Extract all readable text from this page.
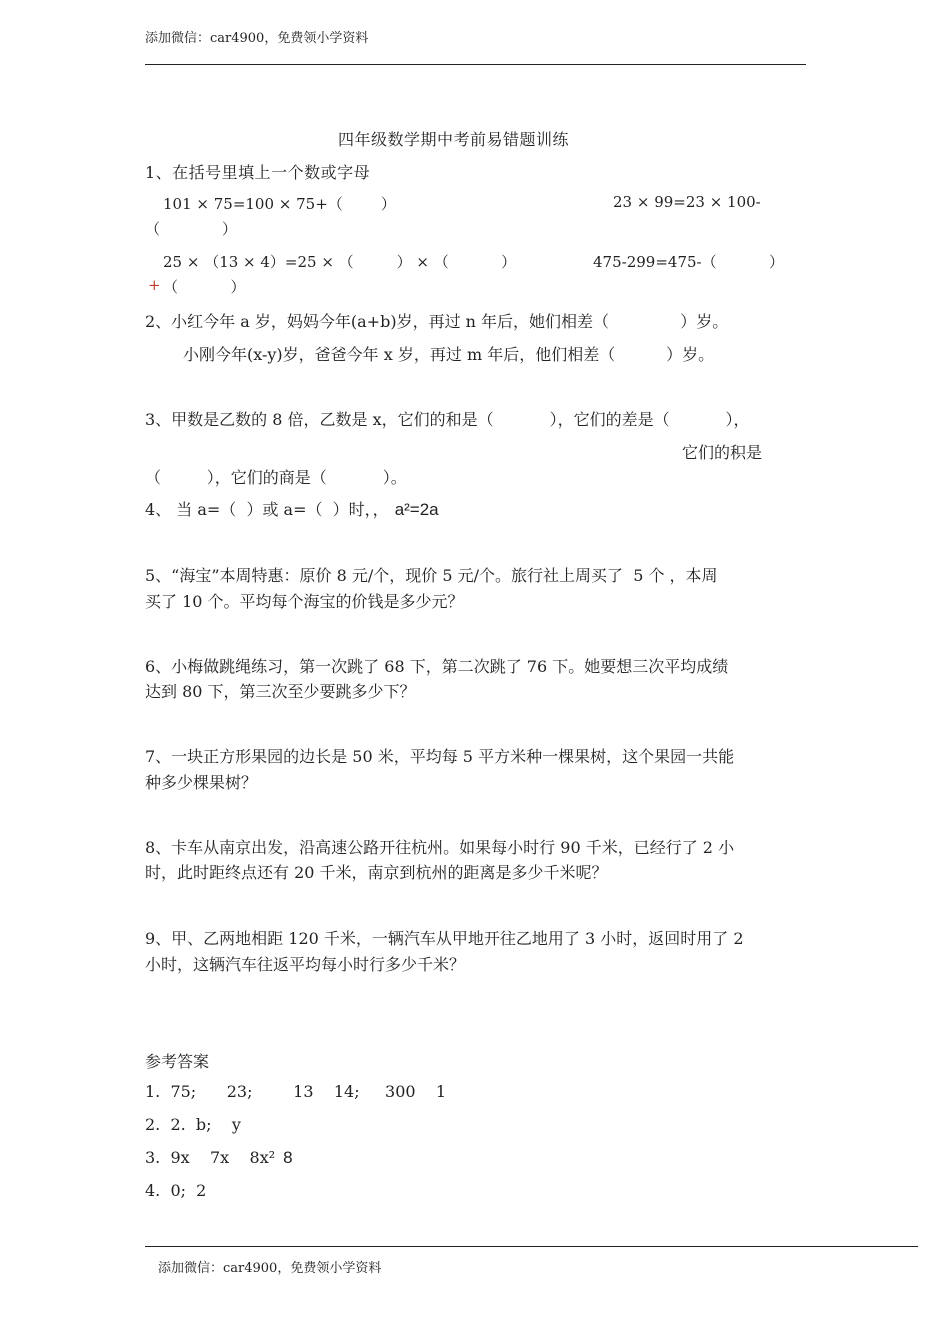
添加微信：car4900，免费领小学资料
四年级数学期中考前易错题训练
1、在括号里填上一个数或字母
101 × 75=100 × 75+（        ）	23 × 99=23 × 100-
（             ）
25 × （13 × 4）=25 × （         ） × （           ）	475-299=475-（           ）
+ （           ）
2、小红今年 a 岁，妈妈今年(a+b)岁，再过 n 年后，她们相差（              ）岁。
小刚今年(x-y)岁，爸爸今年 x 岁，再过 m 年后，他们相差（          ）岁。
3、甲数是乙数的 8 倍，乙数是 x，它们的和是（           ），它们的差是（           ），
它们的积是
（         ），它们的商是（           ）。
4、 当 a=（  ）或 a=（  ）时，， a²=2a
5、“海宝”本周特惠：原价 8 元/个，现价 5 元/个。旅行社上周买了  5 个 ，本周
买了 10 个。平均每个海宝的价钱是多少元？
6、小梅做跳绳练习，第一次跳了 68 下，第二次跳了 76 下。她要想三次平均成绩
达到 80 下，第三次至少要跳多少下？
7、一块正方形果园的边长是 50 米，平均每 5 平方米种一棵果树，这个果园一共能
种多少棵果树？
8、卡车从南京出发，沿高速公路开往杭州。如果每小时行 90 千米，已经行了 2 小
时，此时距终点还有 20 千米，南京到杭州的距离是多少千米呢？
9、甲、乙两地相距 120 千米，一辆汽车从甲地开往乙地用了 3 小时，返回时用了 2
小时，这辆汽车往返平均每小时行多少千米？
参考答案
1.  75;      23;        13    14;     300    1
2.  2.  b;    y
3.  9x    7x    8x² 8
4.  0;  2
添加微信：car4900，免费领小学资料
